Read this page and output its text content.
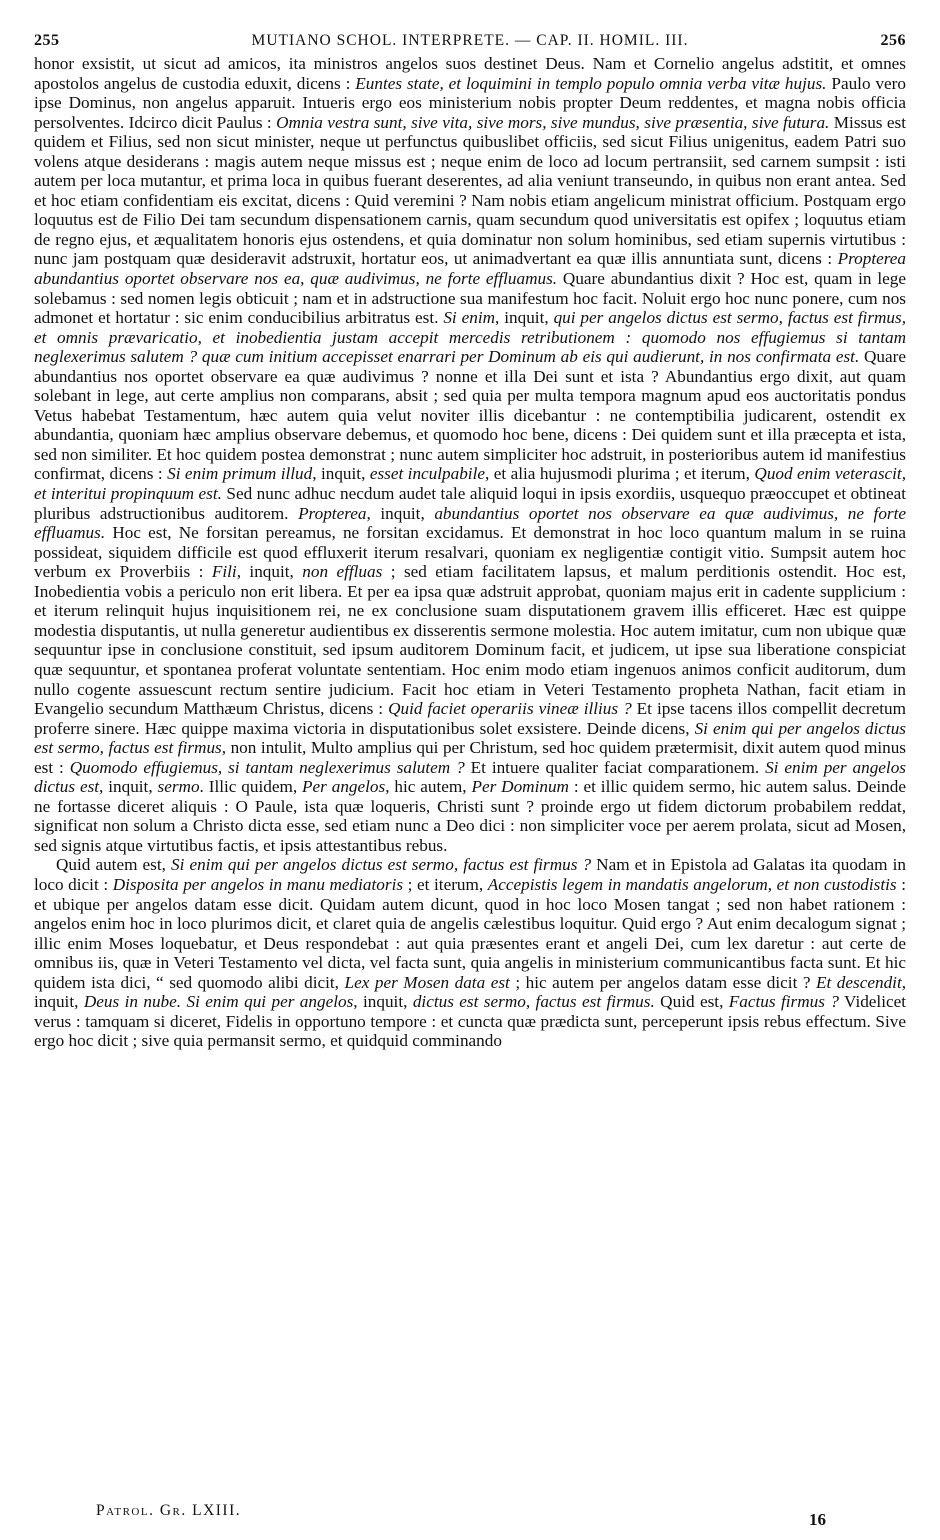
255	MUTIANO SCHOL. INTERPRETE. — CAP. II. HOMIL. III.	256

honor exsistit, ut sicut ad amicos, ita ministros angelos suos destinet Deus. Nam et Cornelio angelus adstitit, et omnes apostolos angelus de custodia eduxit, dicens : Euntes state, et loquimini in templo populo omnia verba vitæ hujus. Paulo vero ipse Dominus, non angelus apparuit. Intueris ergo eos ministerium nobis propter Deum reddentes, et magna nobis officia persolventes. Idcirco dicit Paulus : Omnia vestra sunt, sive vita, sive mors, sive mundus, sive præsentia, sive futura. Missus est quidem et Filius, sed non sicut minister, neque ut perfunctus quibuslibet officiis, sed sicut Filius unigenitus, eadem Patri suo volens atque desiderans : magis autem neque missus est ; neque enim de loco ad locum pertransiit, sed carnem sumpsit : isti autem per loca mutantur, et prima loca in quibus fuerant deserentes, ad alia veniunt transeundo, in quibus non erant antea. Sed et hoc etiam confidentiam eis excitat, dicens : Quid veremini ? Nam nobis etiam angelicum ministrat officium. Postquam ergo loquutus est de Filio Dei tam secundum dispensationem carnis, quam secundum quod universitatis est opifex ; loquutus etiam de regno ejus, et æqualitatem honoris ejus ostendens, et quia dominatur non solum hominibus, sed etiam supernis virtutibus : nunc jam postquam quæ desideravit adstruxit, hortatur eos, ut animadvertant ea quæ illis annuntiata sunt, dicens : Propterea abundantius oportet observare nos ea, quæ audivimus, ne forte effluamus. Quare abundantius dixit ? Hoc est, quam in lege solebamus : sed nomen legis obticuit ; nam et in adstructione sua manifestum hoc facit. Noluit ergo hoc nunc ponere, cum nos admonet et hortatur : sic enim conducibilius arbitratus est. Si enim, inquit, qui per angelos dictus est sermo, factus est firmus, et omnis prævaricatio, et inobedientia justam accepit mercedis retributionem : quomodo nos effugiemus si tantam neglexerimus salutem ? quæ cum initium accepisset enarrari per Dominum ab eis qui audierunt, in nos confirmata est. Quare abundantius nos oportet observare ea quæ audivimus ? nonne et illa Dei sunt et ista ? Abundantius ergo dixit, aut quam solebant in lege, aut certe amplius non comparans, absit ; sed quia per multa tempora magnum apud eos auctoritatis pondus Vetus habebat Testamentum, hæc autem quia velut noviter illis dicebantur : ne contemptibilia judicarent, ostendit ex abundantia, quoniam hæc amplius observare debemus, et quomodo hoc bene, dicens : Dei quidem sunt et illa præcepta et ista, sed non similiter. Et hoc quidem postea demonstrat ; nunc autem simpliciter hoc adstruit, in posterioribus autem id manifestius confirmat, dicens : Si enim primum illud, inquit, esset inculpabile, et alia hujusmodi plurima ; et iterum, Quod enim veterascit, et interitui propinquum est. Sed nunc adhuc necdum audet tale aliquid loqui in ipsis exordiis, usquequo præoccupet et obtineat pluribus adstructionibus auditorem. Propterea, inquit, abundantius oportet nos observare ea quæ audivimus, ne forte effluamus. Hoc est, Ne forsitan pereamus, ne forsitan excidamus. Et demonstrat in hoc loco quantum malum in se ruina possideat, siquidem difficile est quod effluxerit iterum resalvari, quoniam ex negligentiæ contigit vitio. Sumpsit autem hoc verbum ex Proverbiis : Fili, inquit, non effluas ; sed etiam facilitatem lapsus, et malum perditionis ostendit. Hoc est, Inobedientia vobis a periculo non erit libera. Et per ea ipsa quæ adstruit approbat, quoniam majus erit in cadente supplicium : et iterum relinquit hujus inquisitionem rei, ne ex conclusione suam disputationem gravem illis efficeret. Hæc est quippe modestia disputantis, ut nulla generetur audientibus ex disserentis sermone molestia. Hoc autem imitatur, cum non ubique quæ sequuntur ipse in conclusione constituit, sed ipsum auditorem Dominum facit, et judicem, ut ipse sua liberatione conspiciat quæ sequuntur, et spontanea proferat voluntate sententiam. Hoc enim modo etiam ingenuos animos conficit auditorum, dum nullo cogente assuescunt rectum sentire judicium. Facit hoc etiam in Veteri Testamento propheta Nathan, facit etiam in Evangelio secundum Matthæum Christus, dicens : Quid faciet operariis vineæ illius ? Et ipse tacens illos compellit decretum proferre sinere. Hæc quippe maxima victoria in disputationibus solet exsistere. Deinde dicens, Si enim qui per angelos dictus est sermo, factus est firmus, non intulit, Multo amplius qui per Christum, sed hoc quidem prætermisit, dixit autem quod minus est : Quomodo effugiemus, si tantam neglexerimus salutem ? Et intuere qualiter faciat comparationem. Si enim per angelos dictus est, inquit, sermo. Illic quidem, Per angelos, hic autem, Per Dominum : et illic quidem sermo, hic autem salus. Deinde ne fortasse diceret aliquis : O Paule, ista quæ loqueris, Christi sunt ? proinde ergo ut fidem dictorum probabilem reddat, significat non solum a Christo dicta esse, sed etiam nunc a Deo dici : non simpliciter voce per aerem prolata, sicut ad Mosen, sed signis atque virtutibus factis, et ipsis attestantibus rebus.

Quid autem est, Si enim qui per angelos dictus est sermo, factus est firmus ? Nam et in Epistola ad Galatas ita quodam in loco dicit : Disposita per angelos in manu mediatoris ; et iterum, Accepistis legem in mandatis angelorum, et non custodistis : et ubique per angelos datam esse dicit. Quidam autem dicunt, quod in hoc loco Mosen tangat ; sed non habet rationem : angelos enim hoc in loco plurimos dicit, et claret quia de angelis cælestibus loquitur. Quid ergo ? Aut enim decalogum signat ; illic enim Moses loquebatur, et Deus respondebat : aut quia præsentes erant et angeli Dei, cum lex daretur : aut certe de omnibus iis, quæ in Veteri Testamento vel dicta, vel facta sunt, quia angelis in ministerium communicantibus facta sunt. Et hic quidem ista dici, “ sed quomodo alibi dicit, Lex per Mosen data est ; hic autem per angelos datam esse dicit ? Et descendit, inquit, Deus in nube. Si enim qui per angelos, inquit, dictus est sermo, factus est firmus. Quid est, Factus firmus ? Videlicet verus : tamquam si diceret, Fidelis in opportuno tempore : et cuncta quæ prædicta sunt, perceperunt ipsis rebus effectum. Sive ergo hoc dicit ; sive quia permansit sermo, et quidquid comminando

Patrol. Gr. LXIII.	16
